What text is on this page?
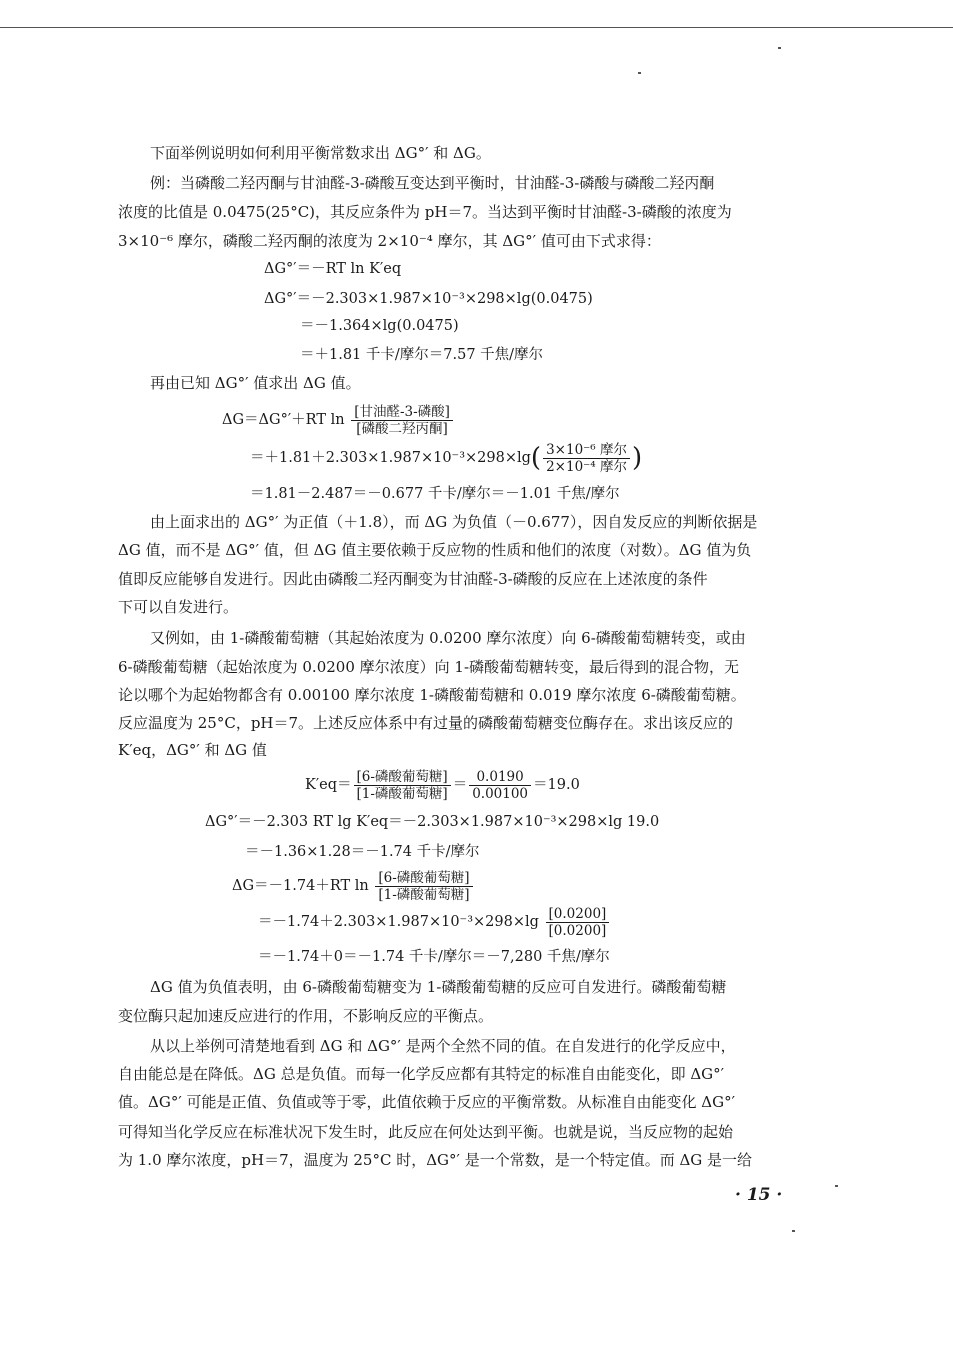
下面举例说明如何利用平衡常数求出 ΔG°′ 和 ΔG。
例：当磷酸二羟丙酮与甘油醛-3-磷酸互变达到平衡时，甘油醛-3-磷酸与磷酸二羟丙酮
浓度的比值是 0.0475(25°C)，其反应条件为 pH＝7。当达到平衡时甘油醛-3-磷酸的浓度为
3×10⁻⁶ 摩尔，磷酸二羟丙酮的浓度为 2×10⁻⁴ 摩尔，其 ΔG°′ 值可由下式求得：
ΔG°′＝－RT ln K′eq
ΔG°′＝－2.303×1.987×10⁻³×298×lg(0.0475)
＝－1.364×lg(0.0475)
＝＋1.81 千卡/摩尔＝7.57 千焦/摩尔
再由已知 ΔG°′ 值求出 ΔG 值。
ΔG＝ΔG°′＋RT $\ln \frac{\text{[甘油醛-3-磷酸]}}{\text{[磷酸二羟丙酮]}}$
$=+1.81+2.303\times 1.987\times 10^{-3}\times 298\times\lg( \frac{\text{3×10⁻⁶ 摩尔}}{\text{2×10⁻⁴ 摩尔}}$ )
＝1.81－2.487＝－0.677 千卡/摩尔＝－1.01 千焦/摩尔
由上面求出的 ΔG°′ 为正值（＋1.8），而 ΔG 为负值（－0.677），因自发反应的判断依据是
ΔG 值，而不是 ΔG°′ 值，但 ΔG 值主要依赖于反应物的性质和他们的浓度（对数）。ΔG 值为负
值即反应能够自发进行。因此由磷酸二羟丙酮变为甘油醛-3-磷酸的反应在上述浓度的条件
下可以自发进行。
又例如，由 1-磷酸葡萄糖（其起始浓度为 0.0200 摩尔浓度）向 6-磷酸葡萄糖转变，或由
6-磷酸葡萄糖（起始浓度为 0.0200 摩尔浓度）向 1-磷酸葡萄糖转变，最后得到的混合物，无
论以哪个为起始物都含有 0.00100 摩尔浓度 1-磷酸葡萄糖和 0.019 摩尔浓度 6-磷酸葡萄糖。
反应温度为 25°C，pH＝7。上述反应体系中有过量的磷酸葡萄糖变位酶存在。求出该反应的
K′eq，ΔG°′ 和 ΔG 值
$K'eq= \frac{\text{[6-磷酸葡萄糖]}}{\text{[1-磷酸葡萄糖]}} = \frac{0.0190}{0.00100} =19.0$
ΔG°′＝－2.303 RT lg K′eq＝－2.303×1.987×10⁻³×298×lg 19.0
＝－1.36×1.28＝－1.74 千卡/摩尔
ΔG＝－1.74＋RT $\ln \frac{\text{[6-磷酸葡萄糖]}}{\text{[1-磷酸葡萄糖]}}$
$=-1.74+2.303\times 1.987\times 10^{-3}\times 298\times\lg \frac{[0.0200]}{[0.0200]}$
＝－1.74＋0＝－1.74 千卡/摩尔＝－7,280 千焦/摩尔
ΔG 值为负值表明，由 6-磷酸葡萄糖变为 1-磷酸葡萄糖的反应可自发进行。磷酸葡萄糖
变位酶只起加速反应进行的作用，不影响反应的平衡点。
从以上举例可清楚地看到 ΔG 和 ΔG°′ 是两个全然不同的值。在自发进行的化学反应中，
自由能总是在降低。ΔG 总是负值。而每一化学反应都有其特定的标准自由能变化，即 ΔG°′
值。ΔG°′ 可能是正值、负值或等于零，此值依赖于反应的平衡常数。从标准自由能变化 ΔG°′
可得知当化学反应在标准状况下发生时，此反应在何处达到平衡。也就是说，当反应物的起始
为 1.0 摩尔浓度，pH＝7，温度为 25°C 时，ΔG°′ 是一个常数，是一个特定值。而 ΔG 是一给
· 15 ·
